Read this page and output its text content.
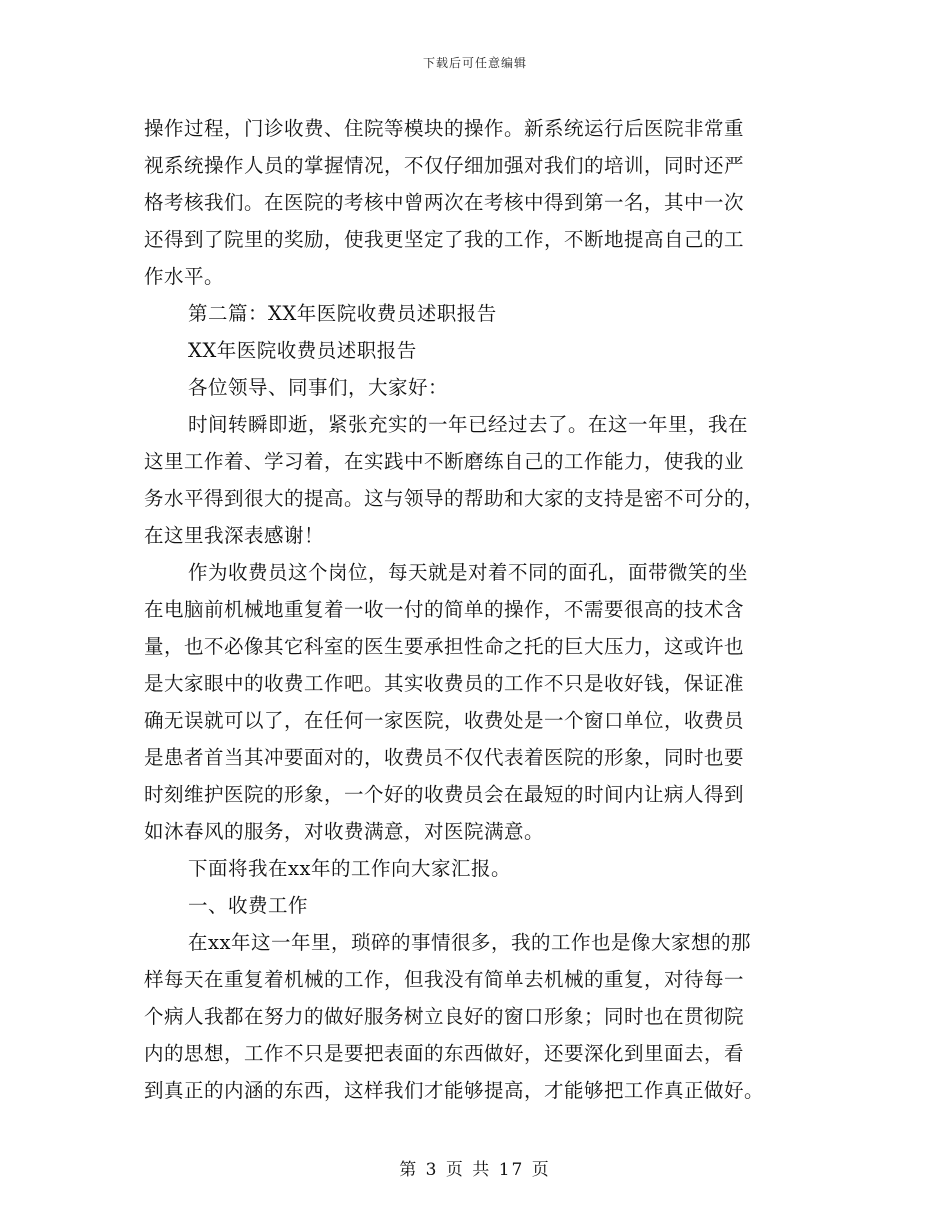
下载后可任意编辑
操作过程，门诊收费、住院等模块的操作。新系统运行后医院非常重
视系统操作人员的掌握情况，不仅仔细加强对我们的培训，同时还严
格考核我们。在医院的考核中曾两次在考核中得到第一名，其中一次
还得到了院里的奖励，使我更坚定了我的工作，不断地提高自己的工
作水平。
第二篇：XX年医院收费员述职报告
XX年医院收费员述职报告
各位领导、同事们，大家好：
时间转瞬即逝，紧张充实的一年已经过去了。在这一年里，我在
这里工作着、学习着，在实践中不断磨练自己的工作能力，使我的业
务水平得到很大的提高。这与领导的帮助和大家的支持是密不可分的，
在这里我深表感谢！
作为收费员这个岗位，每天就是对着不同的面孔，面带微笑的坐
在电脑前机械地重复着一收一付的简单的操作，不需要很高的技术含
量，也不必像其它科室的医生要承担性命之托的巨大压力，这或许也
是大家眼中的收费工作吧。其实收费员的工作不只是收好钱，保证准
确无误就可以了，在任何一家医院，收费处是一个窗口单位，收费员
是患者首当其冲要面对的，收费员不仅代表着医院的形象，同时也要
时刻维护医院的形象，一个好的收费员会在最短的时间内让病人得到
如沐春风的服务，对收费满意，对医院满意。
下面将我在xx年的工作向大家汇报。
一、收费工作
在xx年这一年里，琐碎的事情很多，我的工作也是像大家想的那
样每天在重复着机械的工作，但我没有简单去机械的重复，对待每一
个病人我都在努力的做好服务树立良好的窗口形象；同时也在贯彻院
内的思想，工作不只是要把表面的东西做好，还要深化到里面去，看
到真正的内涵的东西，这样我们才能够提高，才能够把工作真正做好。
第 3 页 共 17 页
